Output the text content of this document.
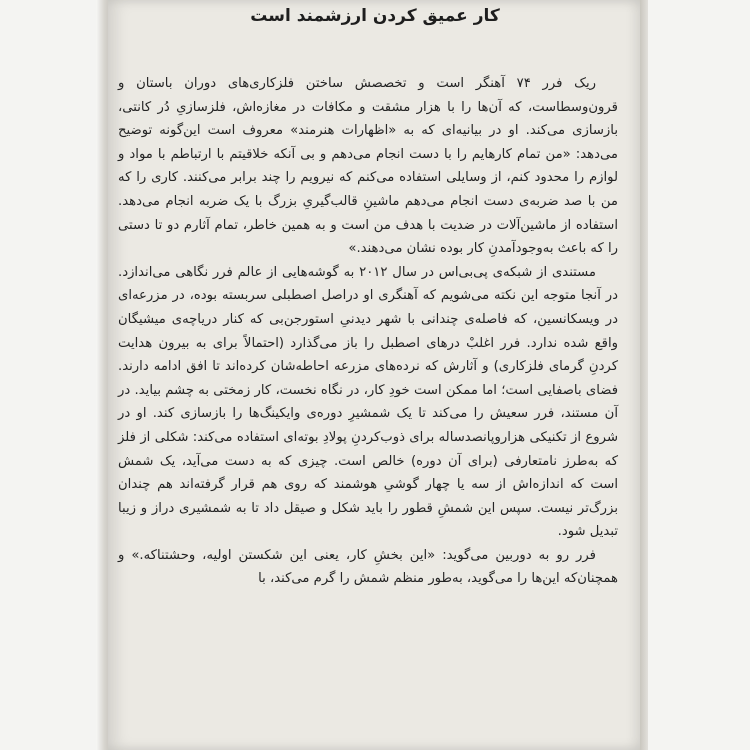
کار عمیق کردن ارزشمند است

ریک فرر ۷۴ آهنگر است و تخصصش ساختن فلزکاری‌های دوران باستان و قرون‌وسطاست، که آن‌ها را با هزار مشقت و مکافات در مغازه‌اش، فلزسازیِ دُر کانتی، بازسازی می‌کند. او در بیانیه‌ای که به «اظهارات هنرمند» معروف است این‌گونه توضیح می‌دهد: «من تمام کارهایم را با دست انجام می‌دهم و بی آنکه خلاقیتم با ارتباطم با مواد و لوازم را محدود کنم، از وسایلی استفاده می‌کنم که نیرویم را چند برابر می‌کنند. کاری را که من با صد ضربه‌ی دست انجام می‌دهم ماشینِ قالب‌گیریِ بزرگ با یک ضربه انجام می‌دهد. استفاده از ماشین‌آلات در ضدیت با هدف من است و به همین خاطر، تمام آثارم دو تا دستی را که باعث به‌وجودآمدنِ کار بوده نشان می‌دهند.»

مستندی از شبکه‌ی پی‌بی‌اس در سال ۲۰۱۲ به گوشه‌هایی از عالم فرر نگاهی می‌اندازد. در آنجا متوجه این نکته می‌شویم که آهنگری او دراصل اصطبلی سربسته بوده، در مزرعه‌ای در ویسکانسین، که فاصله‌ی چندانی با شهر دیدنیِ استورجن‌بی که کنار دریاچه‌ی میشیگان واقع شده ندارد. فرر اغلبْ درهای اصطبل را باز می‌گذارد (احتمالاً برای به بیرون هدایت کردنِ گرمای فلزکاری) و آثارش که نرده‌های مزرعه احاطه‌شان کرده‌اند تا افق ادامه دارند. فضای باصفایی است؛ اما ممکن است خودِ کار، در نگاه نخست، کار زمختی به چشم بیاید. در آن مستند، فرر سعیش را می‌کند تا یک شمشیرِ دوره‌ی وایکینگ‌ها را بازسازی کند. او در شروع از تکنیکی هزارو‌پانصدساله برای ذوب‌کردنِ پولادِ بوته‌ای استفاده می‌کند: شکلی از فلز که به‌طرز نامتعارفی (برای آن دوره) خالص است. چیزی که به دست می‌آید، یک شمش است که اندازه‌اش از سه یا چهار گوشیِ هوشمند که روی هم قرار گرفته‌اند هم چندان بزرگ‌تر نیست. سپس این شمشِ قطور را باید شکل و صیقل داد تا به شمشیری دراز و زیبا تبدیل شود.

فرر رو به دوربین می‌گوید: «این بخشِ کار، یعنی این شکستن اولیه، وحشتناکه.» و همچنان‌که این‌ها را می‌گوید، به‌طور منظم شمش را گرم می‌کند، با
